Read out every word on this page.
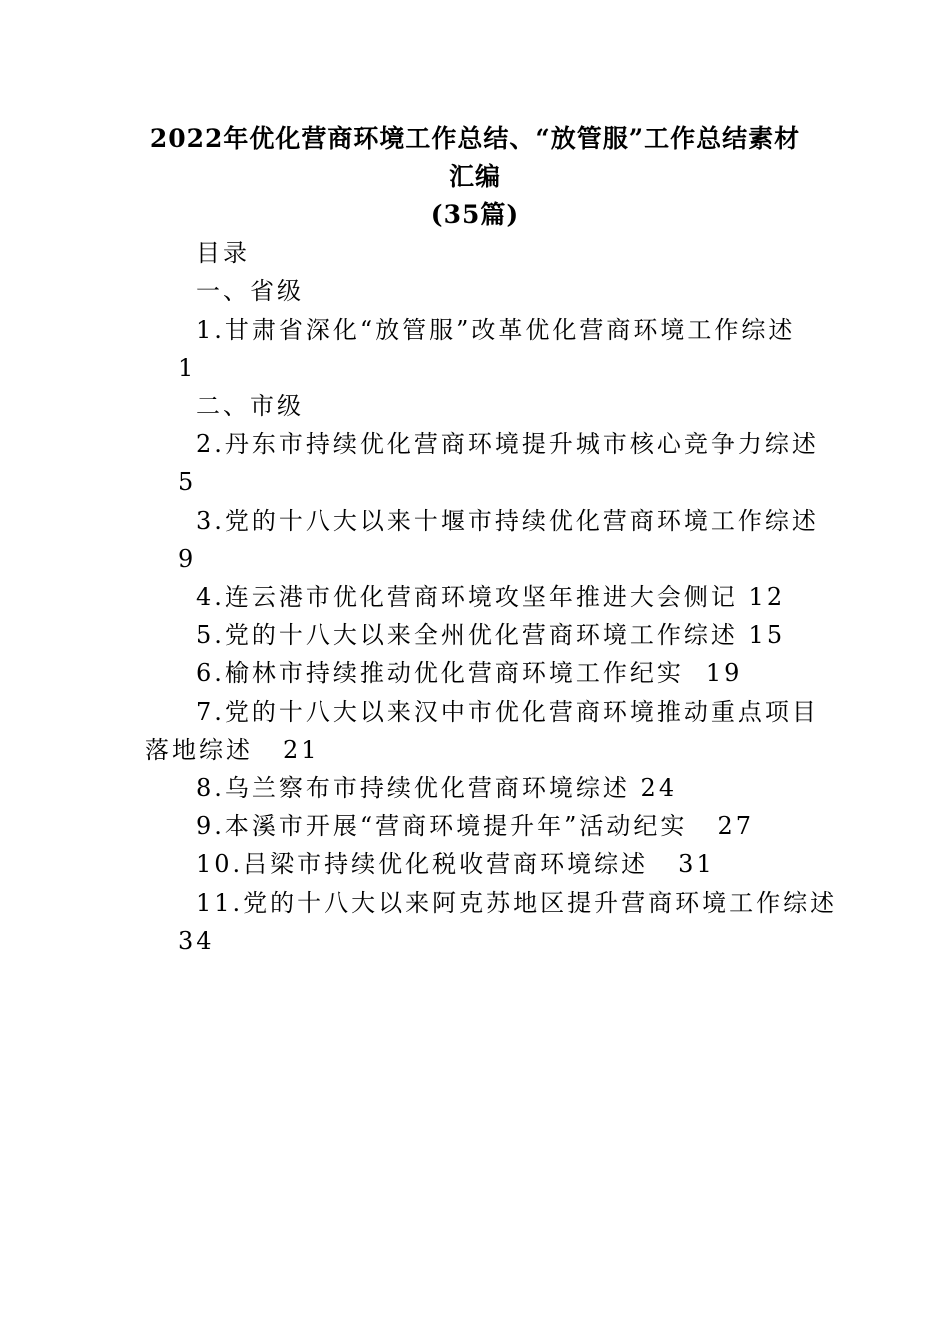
2022年优化营商环境工作总结、“放管服”工作总结素材
汇编
(35篇)
目录
一、省级
1.甘肃省深化“放管服”改革优化营商环境工作综述
1
二、市级
2.丹东市持续优化营商环境提升城市核心竞争力综述
5
3.党的十八大以来十堰市持续优化营商环境工作综述
9
4.连云港市优化营商环境攻坚年推进大会侧记 12
5.党的十八大以来全州优化营商环境工作综述 15
6.榆林市持续推动优化营商环境工作纪实 19
7.党的十八大以来汉中市优化营商环境推动重点项目
落地综述 21
8.乌兰察布市持续优化营商环境综述 24
9.本溪市开展“营商环境提升年”活动纪实 27
10.吕梁市持续优化税收营商环境综述 31
11.党的十八大以来阿克苏地区提升营商环境工作综述
34
